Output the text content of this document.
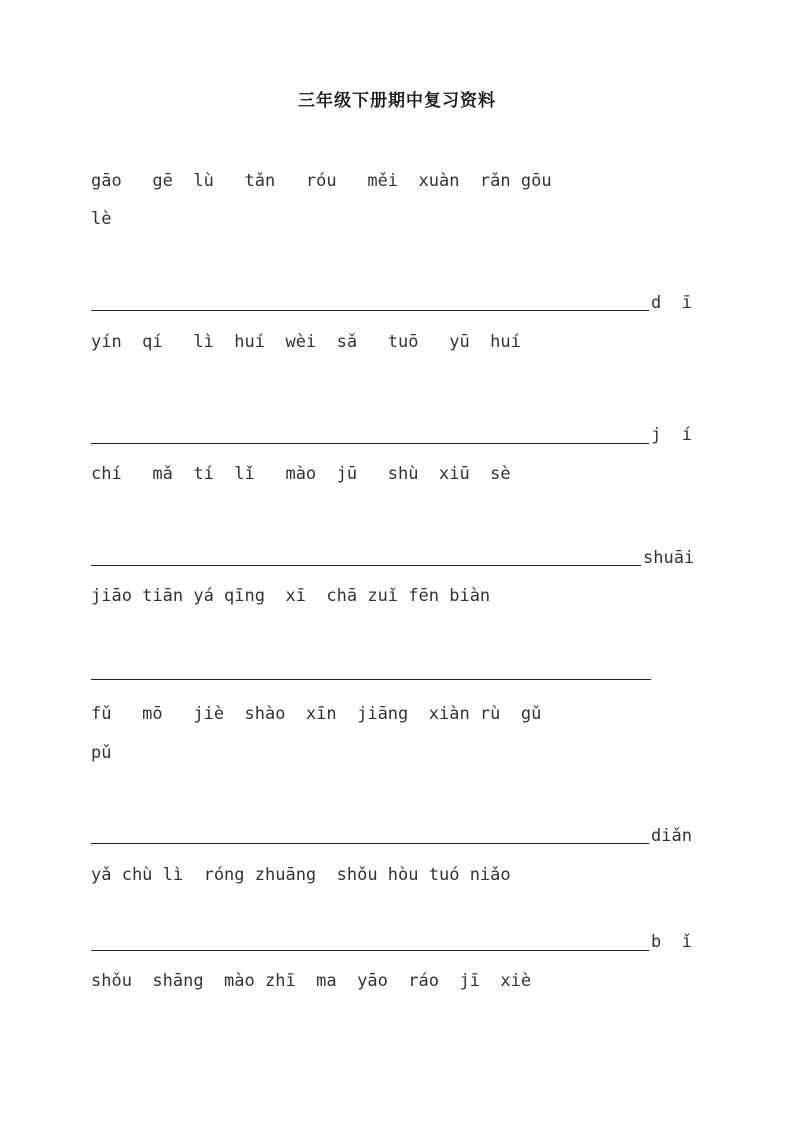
三年级下册期中复习资料
gāo   gē  lù   tǎn   róu   měi  xuàn  rǎn gōu
lè
d  ī
yín  qí   lì  huí  wèi  sǎ   tuō   yū  huí
j  í
chí   mǎ  tí  lǐ   mào  jū   shù  xiū  sè
shuāi
jiāo tiān yá qīng  xī  chā zuǐ fēn biàn
fǔ   mō   jiè  shào  xīn  jiāng  xiàn rù  gǔ
pǔ
diǎn
yǎ chù lì  róng zhuāng  shǒu hòu tuó niǎo
b  ǐ
shǒu  shāng  mào zhī  ma  yāo  ráo  jī  xiè
